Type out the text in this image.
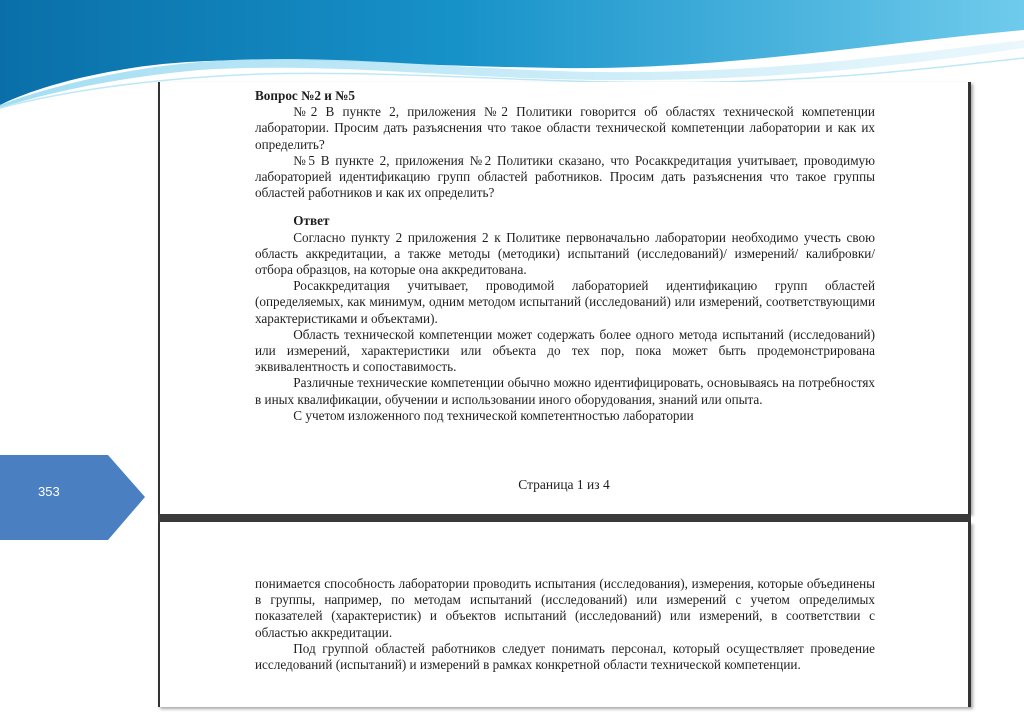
353

Вопрос №2 и №5

№2 В пункте 2, приложения №2 Политики говорится об областях технической компетенции лаборатории. Просим дать разъяснения что такое области технической компетенции лаборатории и как их определить?

№5 В пункте 2, приложения №2 Политики сказано, что Росаккредитация учитывает, проводимую лабораторией идентификацию групп областей работников. Просим дать разъяснения что такое группы областей работников и как их определить?

Ответ

Согласно пункту 2 приложения 2 к Политике первоначально лаборатории необходимо учесть свою область аккредитации, а также методы (методики) испытаний (исследований)/ измерений/ калибровки/ отбора образцов, на которые она аккредитована.

Росаккредитация учитывает, проводимой лабораторией идентификацию групп областей (определяемых, как минимум, одним методом испытаний (исследований) или измерений, соответствующими характеристиками и объектами).

Область технической компетенции может содержать более одного метода испытаний (исследований) или измерений, характеристики или объекта до тех пор, пока может быть продемонстрирована эквивалентность и сопоставимость.

Различные технические компетенции обычно можно идентифицировать, основываясь на потребностях в иных квалификации, обучении и использовании иного оборудования, знаний или опыта.

С учетом изложенного под технической компетентностью лаборатории

Страница 1 из 4

понимается способность лаборатории проводить испытания (исследования), измерения, которые объединены в группы, например, по методам испытаний (исследований) или измерений с учетом определимых показателей (характеристик) и объектов испытаний (исследований) или измерений, в соответствии с областью аккредитации.

Под группой областей работников следует понимать персонал, который осуществляет проведение исследований (испытаний) и измерений в рамках конкретной области технической компетенции.
